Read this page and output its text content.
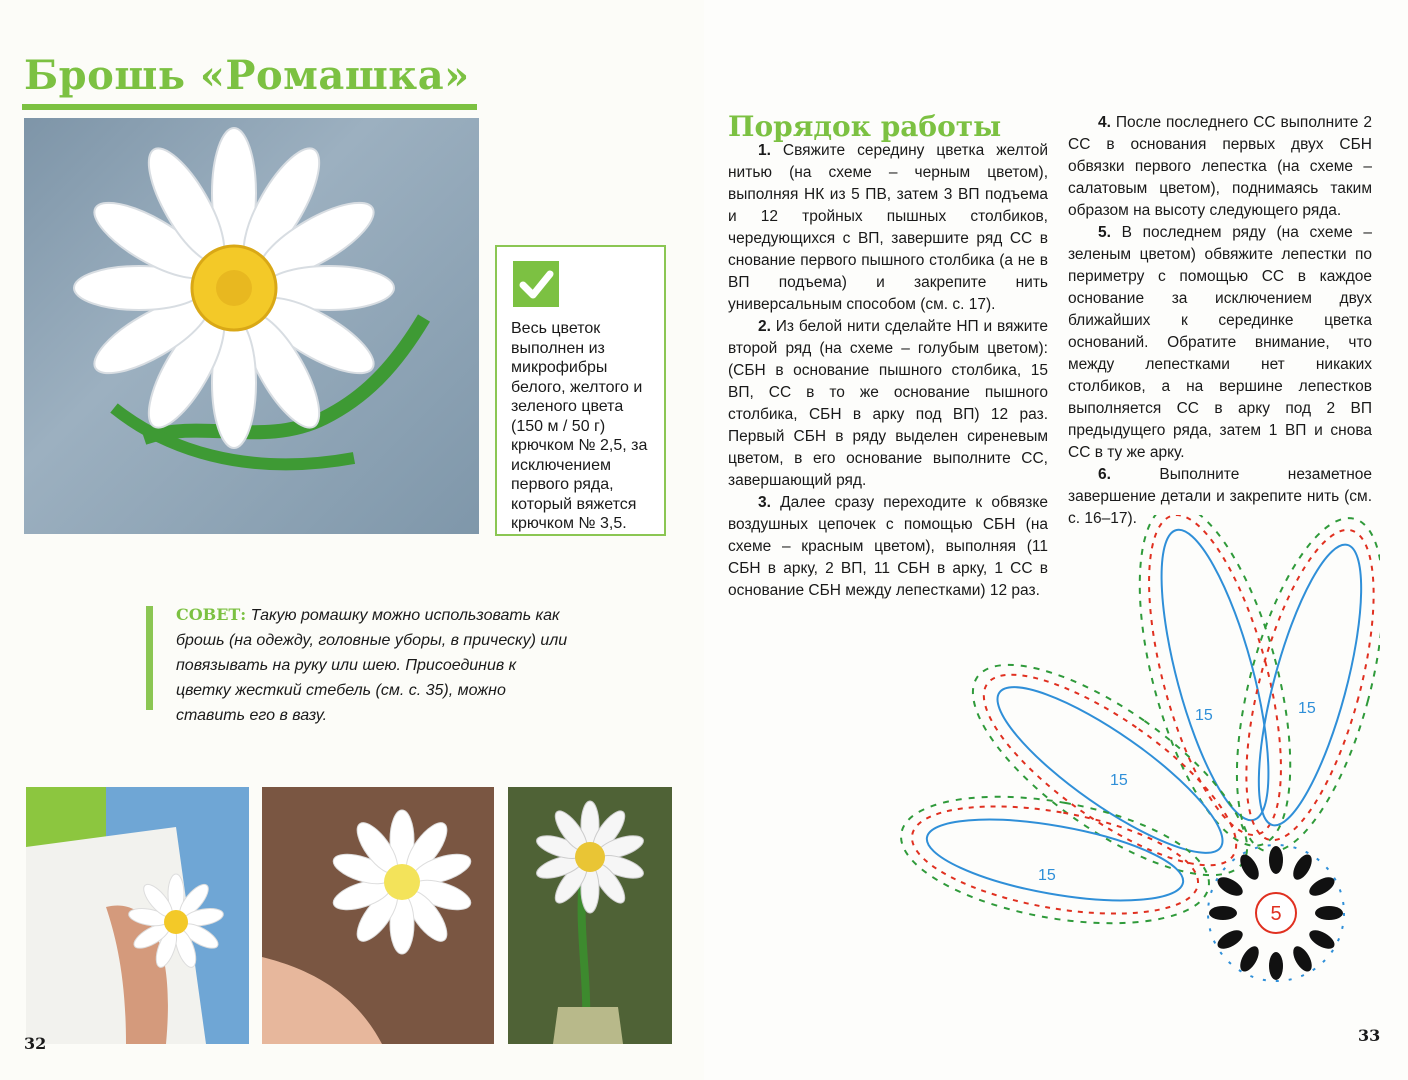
Брошь «Ромашка»
Весь цветок выполнен из микрофибры белого, желтого и зеленого цвета (150 м / 50 г) крючком № 2,5, за исключением первого ряда, который вяжется крючком № 3,5.
СОВЕТ: Такую ромашку можно использовать как брошь (на одежду, головные уборы, в прическу) или повязывать на руку или шею. Присоединив к цветку жесткий стебель (см. с. 35), можно ставить его в вазу.
32
Порядок работы

1. Свяжите середину цветка желтой нитью (на схеме – черным цветом), выполняя НК из 5 ПВ, затем 3 ВП подъема и 12 тройных пышных столбиков, чередующихся с ВП, завершите ряд СС в снование первого пышного столбика (а не в ВП подъема) и закрепите нить универсальным способом (см. с. 17).

2. Из белой нити сделайте НП и вяжите второй ряд (на схеме – голубым цветом): (СБН в основание пышного столбика, 15 ВП, СС в то же основание пышного столбика, СБН в арку под ВП) 12 раз. Первый СБН в ряду выделен сиреневым цветом, в его основание выполните СС, завершающий ряд.

3. Далее сразу переходите к обвязке воздушных цепочек с помощью СБН (на схеме – красным цветом), выполняя (11 СБН в арку, 2 ВП, 11 СБН в арку, 1 СС в основание СБН между лепестками) 12 раз.

4. После последнего СС выполните 2 СС в основания первых двух СБН обвязки первого лепестка (на схеме – салатовым цветом), поднимаясь таким образом на высоту следующего ряда.

5. В последнем ряду (на схеме – зеленым цветом) обвяжите лепестки по периметру с помощью СС в каждое основание за исключением двух ближайших к серединке цветка оснований. Обратите внимание, что между лепестками нет никаких столбиков, а на вершине лепестков выполняется СС в арку под 2 ВП предыдущего ряда, затем 1 ВП и снова СС в ту же арку.

6. Выполните незаметное завершение детали и закрепите нить (см. с. 16–17).

5
15	15
15
15
33
